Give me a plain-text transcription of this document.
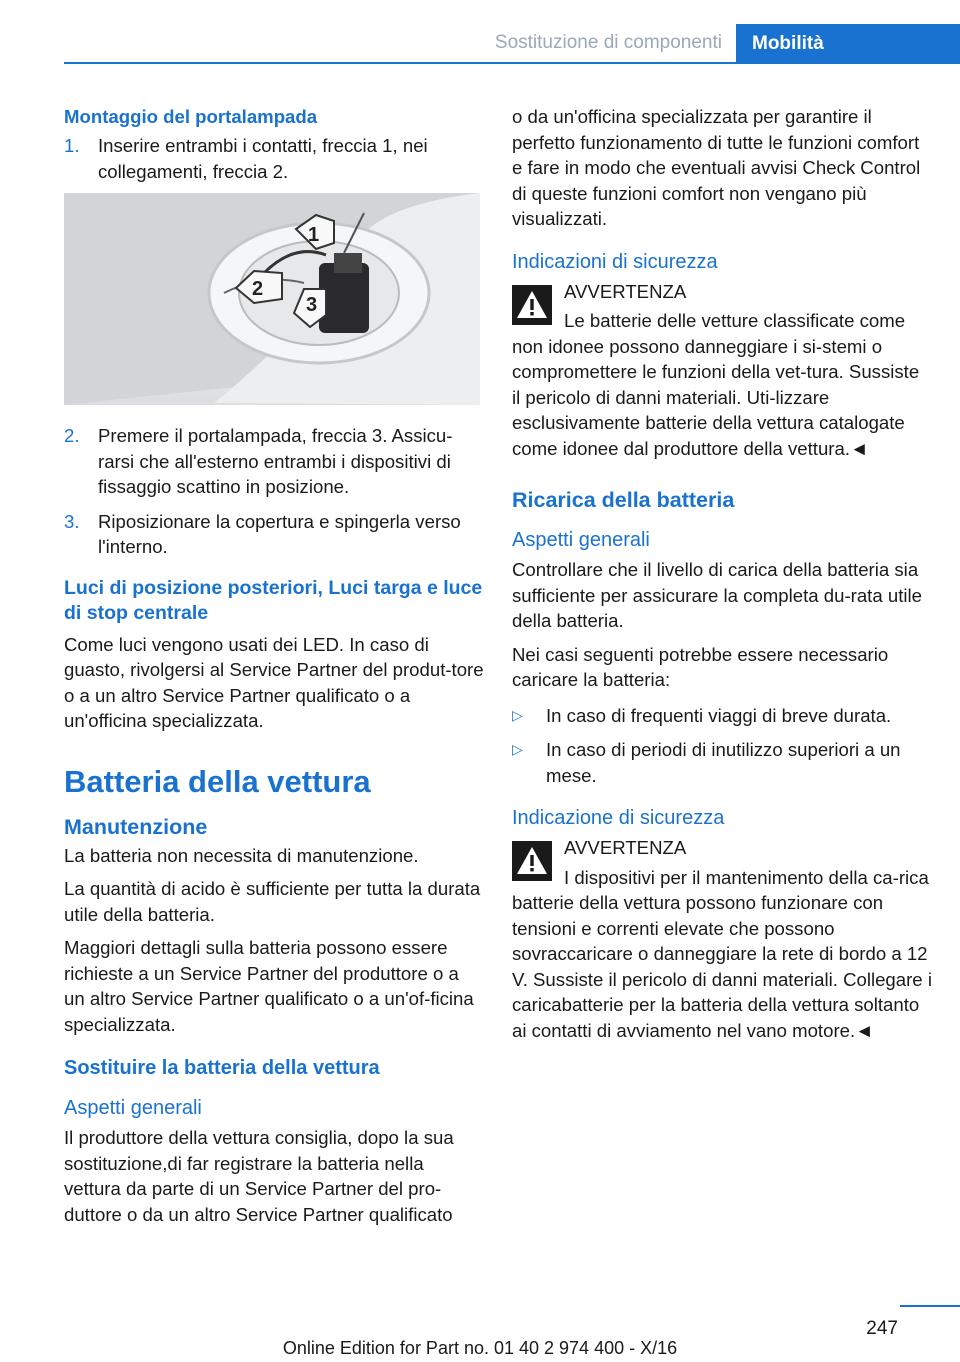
Sostituzione di componenti	Mobilità
Montaggio del portalampada
1. Inserire entrambi i contatti, freccia 1, nei collegamenti, freccia 2.
1
2
3
2. Premere il portalampada, freccia 3. Assicu-rarsi che all'esterno entrambi i dispositivi di fissaggio scattino in posizione.
3. Riposizionare la copertura e spingerla verso l'interno.
Luci di posizione posteriori, Luci targa e luce di stop centrale

Come luci vengono usati dei LED. In caso di guasto, rivolgersi al Service Partner del produt-tore o a un altro Service Partner qualificato o a un'officina specializzata.

Batteria della vettura
Manutenzione

La batteria non necessita di manutenzione.

La quantità di acido è sufficiente per tutta la durata utile della batteria.

Maggiori dettagli sulla batteria possono essere richieste a un Service Partner del produttore o a un altro Service Partner qualificato o a un'of-ficina specializzata.

Sostituire la batteria della vettura
Aspetti generali

Il produttore della vettura consiglia, dopo la sua sostituzione,di far registrare la batteria nella vettura da parte di un Service Partner del pro-duttore o da un altro Service Partner qualificato

o da un'officina specializzata per garantire il perfetto funzionamento di tutte le funzioni comfort e fare in modo che eventuali avvisi Check Control di queste funzioni comfort non vengano più visualizzati.

Indicazioni di sicurezza
AVVERTENZA

Le batterie delle vetture classificate come non idonee possono danneggiare i si-stemi o compromettere le funzioni della vet-tura. Sussiste il pericolo di danni materiali. Uti-lizzare esclusivamente batterie della vettura catalogate come idonee dal produttore della vettura.◄

Ricarica della batteria
Aspetti generali

Controllare che il livello di carica della batteria sia sufficiente per assicurare la completa du-rata utile della batteria.

Nei casi seguenti potrebbe essere necessario caricare la batteria:

▷ In caso di frequenti viaggi di breve durata.
▷ In caso di periodi di inutilizzo superiori a un mese.
Indicazione di sicurezza
AVVERTENZA

I dispositivi per il mantenimento della ca-rica batterie della vettura possono funzionare con tensioni e correnti elevate che possono sovraccaricare o danneggiare la rete di bordo a 12 V. Sussiste il pericolo di danni materiali. Collegare i caricabatterie per la batteria della vettura soltanto ai contatti di avviamento nel vano motore.◄

247
Online Edition for Part no. 01 40 2 974 400 - X/16
